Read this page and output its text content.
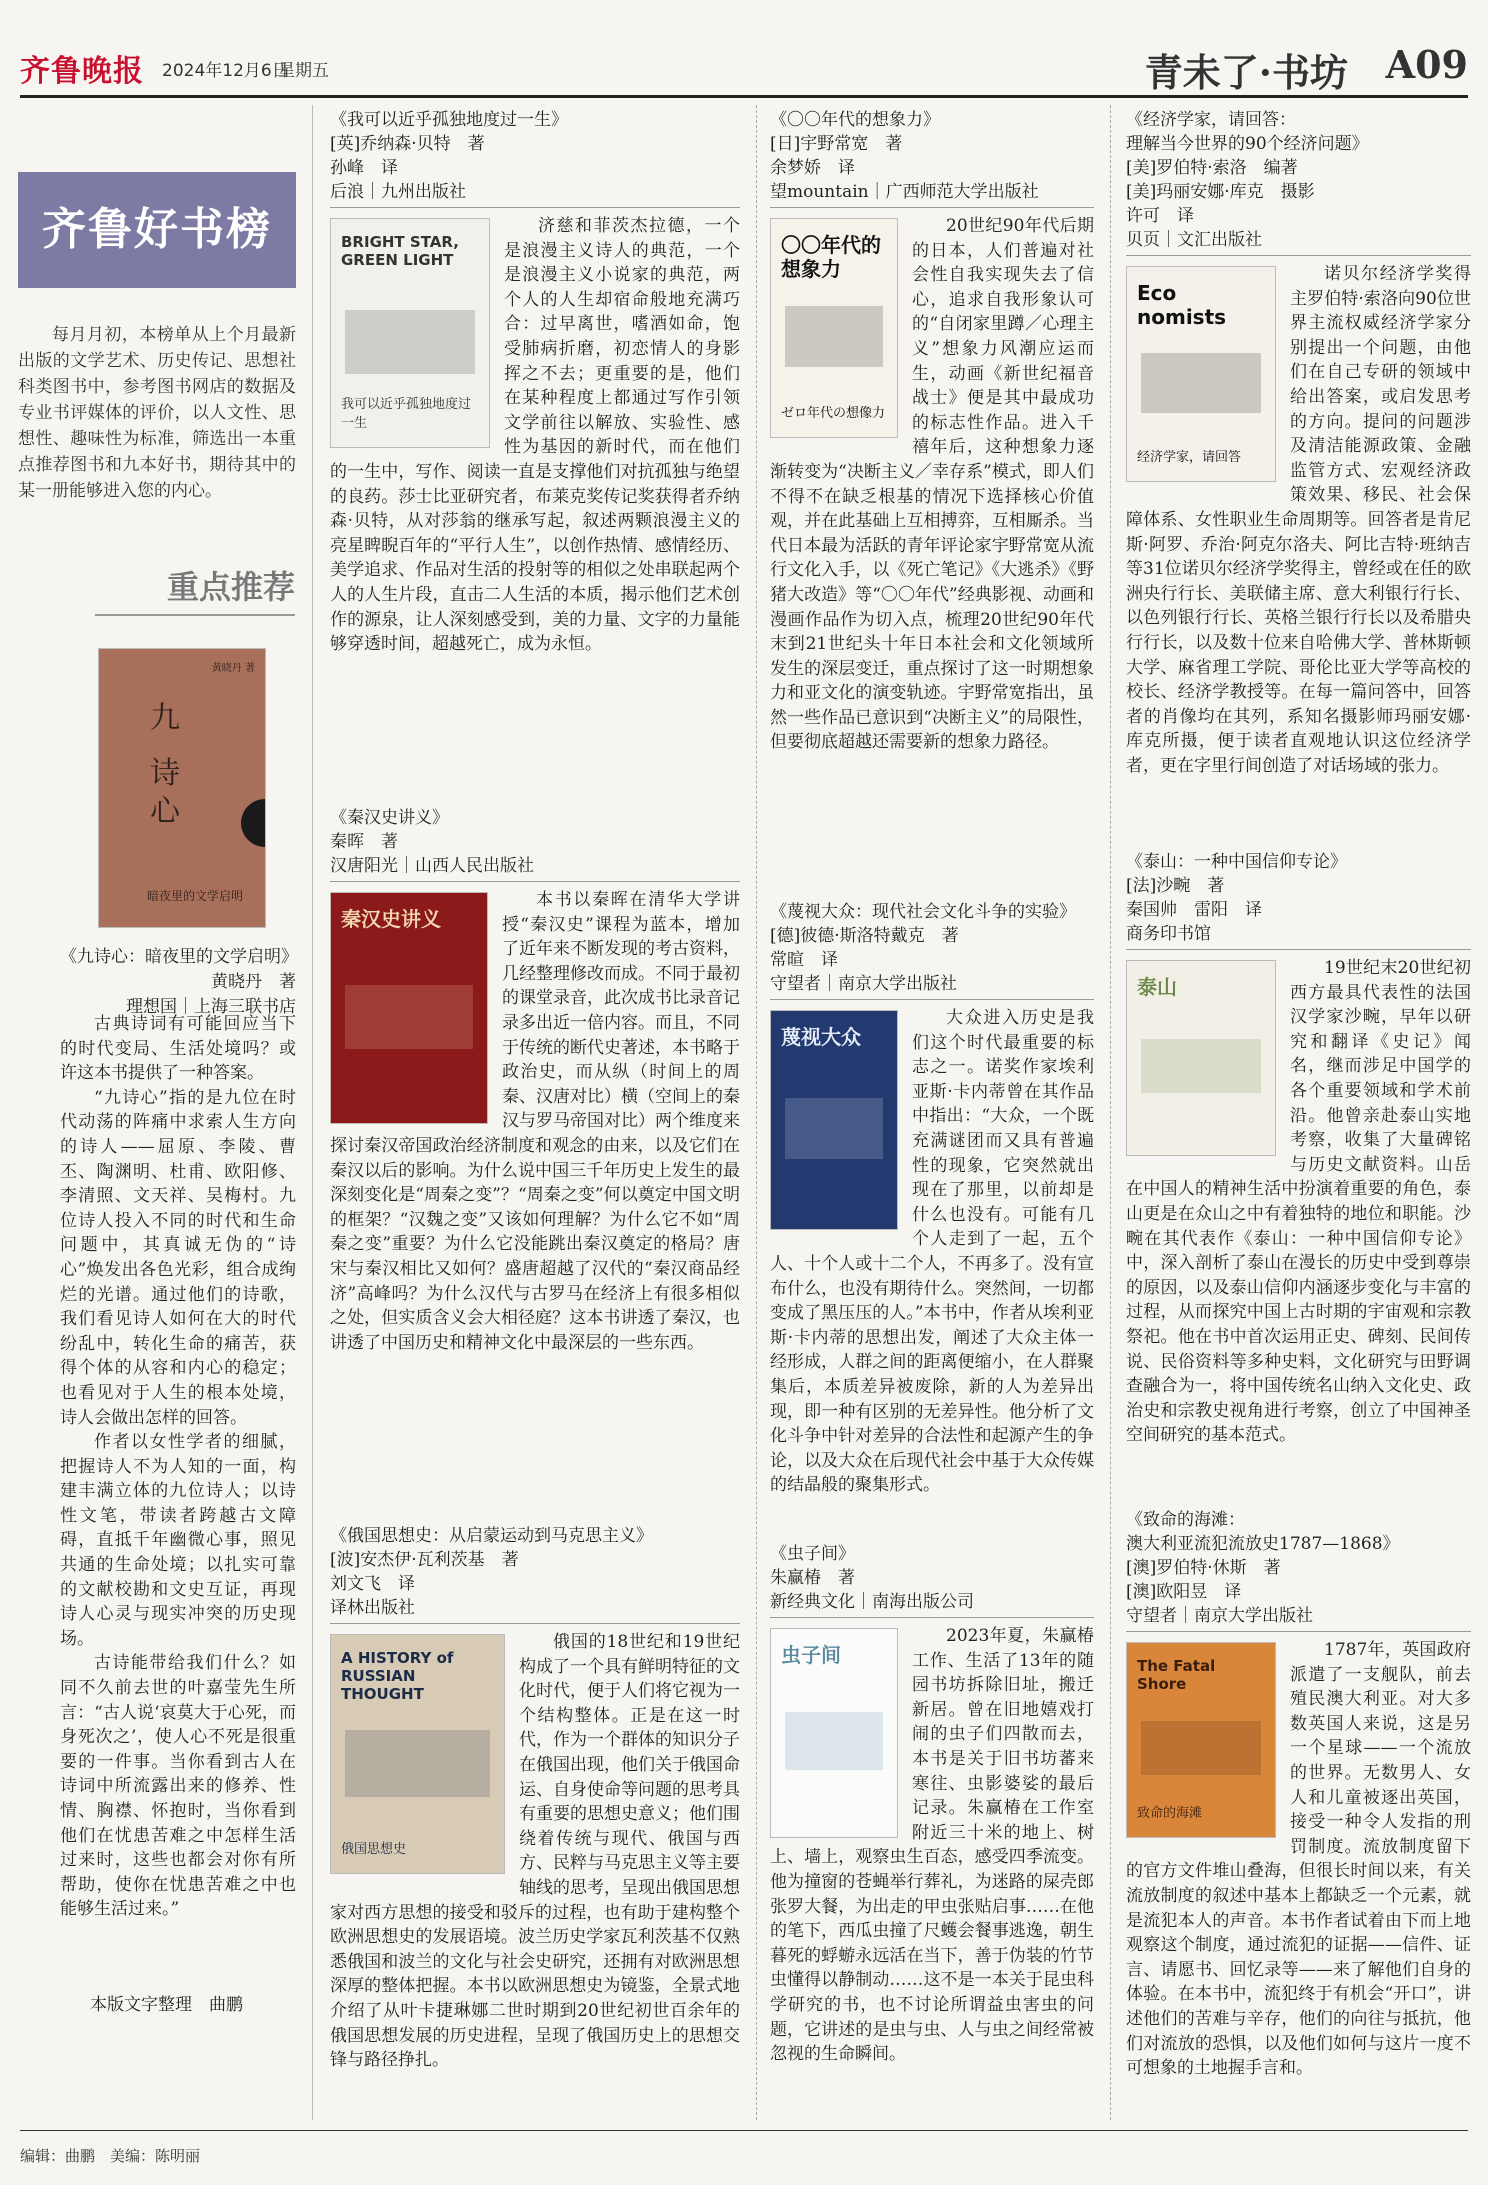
齐鲁晚报 2024年12月6日
星期五	青未了·书坊 A09
齐鲁好书榜
每月月初，本榜单从上个月最新出版的文学艺术、历史传记、思想社科类图书中，参考图书网店的数据及专业书评媒体的评价，以人文性、思想性、趣味性为标准，筛选出一本重点推荐图书和九本好书，期待其中的某一册能够进入您的内心。
重点推荐
九 诗心
暗夜里的文学启明
黄晓丹 著
《九诗心：暗夜里的文学启明》
黄晓丹　著
理想国｜上海三联书店

古典诗词有可能回应当下的时代变局、生活处境吗？或许这本书提供了一种答案。

“九诗心”指的是九位在时代动荡的阵痛中求索人生方向的诗人——屈原、李陵、曹丕、陶渊明、杜甫、欧阳修、李清照、文天祥、吴梅村。九位诗人投入不同的时代和生命问题中，其真诚无伪的“诗心”焕发出各色光彩，组合成绚烂的光谱。通过他们的诗歌，我们看见诗人如何在大的时代纷乱中，转化生命的痛苦，获得个体的从容和内心的稳定；也看见对于人生的根本处境，诗人会做出怎样的回答。

作者以女性学者的细腻，把握诗人不为人知的一面，构建丰满立体的九位诗人；以诗性文笔，带读者跨越古文障碍，直抵千年幽微心事，照见共通的生命处境；以扎实可靠的文献校勘和文史互证，再现诗人心灵与现实冲突的历史现场。

古诗能带给我们什么？如同不久前去世的叶嘉莹先生所言：“古人说‘哀莫大于心死，而身死次之’，使人心不死是很重要的一件事。当你看到古人在诗词中所流露出来的修养、性情、胸襟、怀抱时，当你看到他们在忧患苦难之中怎样生活过来时，这些也都会对你有所帮助，使你在忧患苦难之中也能够生活过来。”

本版文字整理　曲鹏
《我可以近乎孤独地度过一生》
[英]乔纳森·贝特　著
孙峰　译
后浪｜九州出版社
BRIGHT STAR, GREEN LIGHT
我可以近乎孤独地度过一生
济慈和菲茨杰拉德，一个是浪漫主义诗人的典范，一个是浪漫主义小说家的典范，两个人的人生却宿命般地充满巧合：过早离世，嗜酒如命，饱受肺病折磨，初恋情人的身影挥之不去；更重要的是，他们在某种程度上都通过写作引领文学前往以解放、实验性、感性为基因的新时代，而在他们的一生中，写作、阅读一直是支撑他们对抗孤独与绝望的良药。莎士比亚研究者，布莱克奖传记奖获得者乔纳森·贝特，从对莎翁的继承写起，叙述两颗浪漫主义的亮星睥睨百年的“平行人生”，以创作热情、感情经历、美学追求、作品对生活的投射等的相似之处串联起两个人的人生片段，直击二人生活的本质，揭示他们艺术创作的源泉，让人深刻感受到，美的力量、文字的力量能够穿透时间，超越死亡，成为永恒。
《秦汉史讲义》
秦晖　著
汉唐阳光｜山西人民出版社
秦汉史讲义
本书以秦晖在清华大学讲授“秦汉史”课程为蓝本，增加了近年来不断发现的考古资料，几经整理修改而成。不同于最初的课堂录音，此次成书比录音记录多出近一倍内容。而且，不同于传统的断代史著述，本书略于政治史，而从纵（时间上的周秦、汉唐对比）横（空间上的秦汉与罗马帝国对比）两个维度来探讨秦汉帝国政治经济制度和观念的由来，以及它们在秦汉以后的影响。为什么说中国三千年历史上发生的最深刻变化是“周秦之变”？“周秦之变”何以奠定中国文明的框架？“汉魏之变”又该如何理解？为什么它不如“周秦之变”重要？为什么它没能跳出秦汉奠定的格局？唐宋与秦汉相比又如何？盛唐超越了汉代的“秦汉商品经济”高峰吗？为什么汉代与古罗马在经济上有很多相似之处，但实质含义会大相径庭？这本书讲透了秦汉，也讲透了中国历史和精神文化中最深层的一些东西。
《俄国思想史：从启蒙运动到马克思主义》
[波]安杰伊·瓦利茨基　著
刘文飞　译
译林出版社
A HISTORY of RUSSIAN THOUGHT
俄国思想史
俄国的18世纪和19世纪构成了一个具有鲜明特征的文化时代，便于人们将它视为一个结构整体。正是在这一时代，作为一个群体的知识分子在俄国出现，他们关于俄国命运、自身使命等问题的思考具有重要的思想史意义；他们围绕着传统与现代、俄国与西方、民粹与马克思主义等主要轴线的思考，呈现出俄国思想家对西方思想的接受和驳斥的过程，也有助于建构整个欧洲思想史的发展语境。波兰历史学家瓦利茨基不仅熟悉俄国和波兰的文化与社会史研究，还拥有对欧洲思想深厚的整体把握。本书以欧洲思想史为镜鉴，全景式地介绍了从叶卡捷琳娜二世时期到20世纪初世百余年的俄国思想发展的历史进程，呈现了俄国历史上的思想交锋与路径挣扎。
《〇〇年代的想象力》
[日]宇野常宽　著
余梦娇　译
望mountain｜广西师范大学出版社
〇〇年代的想象力
ゼロ年代の想像力
20世纪90年代后期的日本，人们普遍对社会性自我实现失去了信心，追求自我形象认可的“自闭家里蹲／心理主义”想象力风潮应运而生，动画《新世纪福音战士》便是其中最成功的标志性作品。进入千禧年后，这种想象力逐渐转变为“决断主义／幸存系”模式，即人们不得不在缺乏根基的情况下选择核心价值观，并在此基础上互相搏弈，互相厮杀。当代日本最为活跃的青年评论家宇野常宽从流行文化入手，以《死亡笔记》《大逃杀》《野猪大改造》等“〇〇年代”经典影视、动画和漫画作品作为切入点，梳理20世纪90年代末到21世纪头十年日本社会和文化领域所发生的深层变迁，重点探讨了这一时期想象力和亚文化的演变轨迹。宇野常宽指出，虽然一些作品已意识到“决断主义”的局限性，但要彻底超越还需要新的想象力路径。
《蔑视大众：现代社会文化斗争的实验》
[德]彼德·斯洛特戴克　著
常暄　译
守望者｜南京大学出版社
蔑视大众
大众进入历史是我们这个时代最重要的标志之一。诺奖作家埃利亚斯·卡内蒂曾在其作品中指出：“大众，一个既充满谜团而又具有普遍性的现象，它突然就出现在了那里，以前却是什么也没有。可能有几个人走到了一起，五个人、十个人或十二个人，不再多了。没有宣布什么，也没有期待什么。突然间，一切都变成了黑压压的人。”本书中，作者从埃利亚斯·卡内蒂的思想出发，阐述了大众主体一经形成，人群之间的距离便缩小，在人群聚集后，本质差异被废除，新的人为差异出现，即一种有区别的无差异性。他分析了文化斗争中针对差异的合法性和起源产生的争论，以及大众在后现代社会中基于大众传媒的结晶般的聚集形式。
《虫子间》
朱赢椿　著
新经典文化｜南海出版公司
虫子间
2023年夏，朱赢椿工作、生活了13年的随园书坊拆除旧址，搬迁新居。曾在旧地嬉戏打闹的虫子们四散而去，本书是关于旧书坊蕃来寒往、虫影婆娑的最后记录。朱赢椿在工作室附近三十米的地上、树上、墙上，观察虫生百态，感受四季流变。他为撞窗的苍蝇举行葬礼，为迷路的屎壳郎张罗大餐，为出走的甲虫张贴启事……在他的笔下，西瓜虫撞了尺蠖会餐事逃逸，朝生暮死的蜉蝣永远活在当下，善于伪装的竹节虫懂得以静制动……这不是一本关于昆虫科学研究的书，也不讨论所谓益虫害虫的问题，它讲述的是虫与虫、人与虫之间经常被忽视的生命瞬间。
《经济学家，请回答：
理解当今世界的90个经济问题》
[美]罗伯特·索洛　编著
[美]玛丽安娜·库克　摄影
许可　译
贝页｜文汇出版社
Eco nomists
经济学家，请回答
诺贝尔经济学奖得主罗伯特·索洛向90位世界主流权威经济学家分别提出一个问题，由他们在自己专研的领域中给出答案，或启发思考的方向。提问的问题涉及清洁能源政策、金融监管方式、宏观经济政策效果、移民、社会保障体系、女性职业生命周期等。回答者是肯尼斯·阿罗、乔治·阿克尔洛夫、阿比吉特·班纳吉等31位诺贝尔经济学奖得主，曾经或在任的欧洲央行行长、美联储主席、意大利银行行长、以色列银行行长、英格兰银行行长以及希腊央行行长，以及数十位来自哈佛大学、普林斯顿大学、麻省理工学院、哥伦比亚大学等高校的校长、经济学教授等。在每一篇问答中，回答者的肖像均在其列，系知名摄影师玛丽安娜·库克所摄，便于读者直观地认识这位经济学者，更在字里行间创造了对话场域的张力。
《泰山：一种中国信仰专论》
[法]沙畹　著
秦国帅　雷阳　译
商务印书馆
泰山
19世纪末20世纪初西方最具代表性的法国汉学家沙畹，早年以研究和翻译《史记》闻名，继而涉足中国学的各个重要领域和学术前沿。他曾亲赴泰山实地考察，收集了大量碑铭与历史文献资料。山岳在中国人的精神生活中扮演着重要的角色，泰山更是在众山之中有着独特的地位和职能。沙畹在其代表作《泰山：一种中国信仰专论》中，深入剖析了泰山在漫长的历史中受到尊崇的原因，以及泰山信仰内涵逐步变化与丰富的过程，从而探究中国上古时期的宇宙观和宗教祭祀。他在书中首次运用正史、碑刻、民间传说、民俗资料等多种史料，文化研究与田野调查融合为一，将中国传统名山纳入文化史、政治史和宗教史视角进行考察，创立了中国神圣空间研究的基本范式。
《致命的海滩：
澳大利亚流犯流放史1787—1868》
[澳]罗伯特·休斯　著
[澳]欧阳昱　译
守望者｜南京大学出版社
The Fatal Shore
致命的海滩
1787年，英国政府派遣了一支舰队，前去殖民澳大利亚。对大多数英国人来说，这是另一个星球——一个流放的世界。无数男人、女人和儿童被逐出英国，接受一种令人发指的刑罚制度。流放制度留下的官方文件堆山叠海，但很长时间以来，有关流放制度的叙述中基本上都缺乏一个元素，就是流犯本人的声音。本书作者试着由下而上地观察这个制度，通过流犯的证据——信件、证言、请愿书、回忆录等——来了解他们自身的体验。在本书中，流犯终于有机会“开口”，讲述他们的苦难与辛存，他们的向往与抵抗，他们对流放的恐惧，以及他们如何与这片一度不可想象的土地握手言和。
编辑：曲鹏　美编：陈明丽
